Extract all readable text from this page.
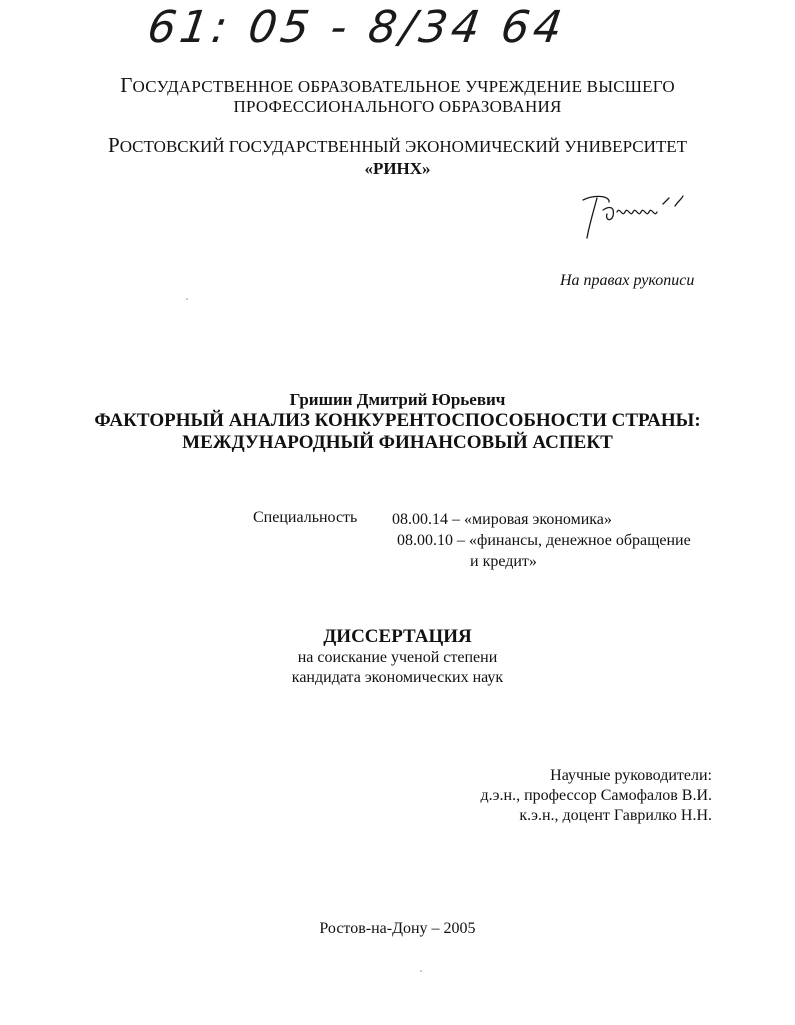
61: 05 - 8/34 64
ГОСУДАРСТВЕННОЕ ОБРАЗОВАТЕЛЬНОЕ УЧРЕЖДЕНИЕ ВЫСШЕГО
ПРОФЕССИОНАЛЬНОГО ОБРАЗОВАНИЯ
РОСТОВСКИЙ ГОСУДАРСТВЕННЫЙ ЭКОНОМИЧЕСКИЙ УНИВЕРСИТЕТ
«РИНХ»
На правах рукописи
Гришин Дмитрий Юрьевич
ФАКТОРНЫЙ АНАЛИЗ КОНКУРЕНТОСПОСОБНОСТИ СТРАНЫ:
МЕЖДУНАРОДНЫЙ ФИНАНСОВЫЙ АСПЕКТ
Специальность 08.00.14 – «мировая экономика»
08.00.10 – «финансы, денежное обращение
и кредит»
ДИССЕРТАЦИЯ
на соискание ученой степени
кандидата экономических наук
Научные руководители:
д.э.н., профессор Самофалов В.И.
к.э.н., доцент Гаврилко Н.Н.
Ростов-на-Дону – 2005
